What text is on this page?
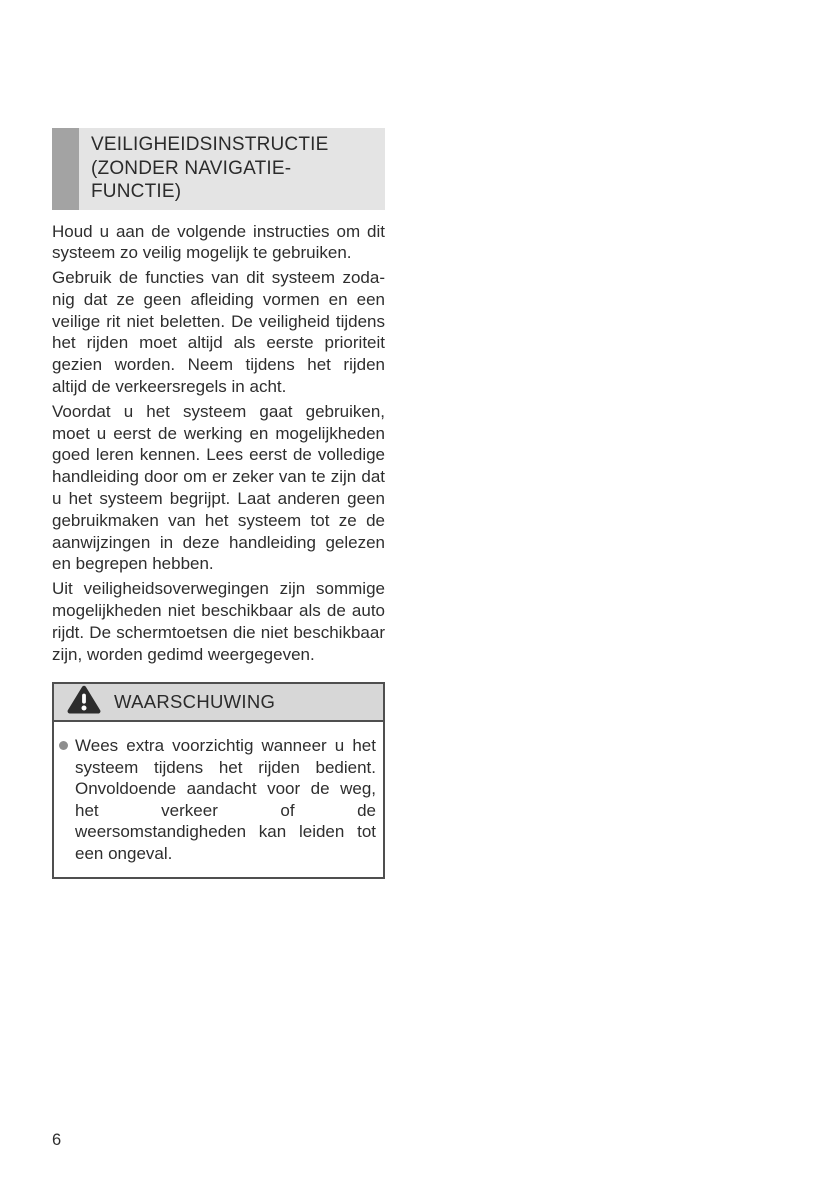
VEILIGHEIDSINSTRUCTIE (ZONDER NAVIGATIE-FUNCTIE)

Houd u aan de volgende instructies om dit systeem zo veilig mogelijk te gebruiken.

Gebruik de functies van dit systeem zodanig dat ze geen afleiding vormen en een veilige rit niet beletten. De veiligheid tijdens het rijden moet altijd als eerste prioriteit gezien worden. Neem tijdens het rijden altijd de verkeersregels in acht.

Voordat u het systeem gaat gebruiken, moet u eerst de werking en mogelijkheden goed leren kennen. Lees eerst de volledige handleiding door om er zeker van te zijn dat u het systeem begrijpt. Laat anderen geen gebruikmaken van het systeem tot ze de aanwijzingen in deze handleiding gelezen en begrepen hebben.

Uit veiligheidsoverwegingen zijn sommige mogelijkheden niet beschikbaar als de auto rijdt. De schermtoetsen die niet beschikbaar zijn, worden gedimd weergegeven.

WAARSCHUWING
Wees extra voorzichtig wanneer u het systeem tijdens het rijden bedient. Onvoldoende aandacht voor de weg, het verkeer of de weersomstandigheden kan leiden tot een ongeval.
6
